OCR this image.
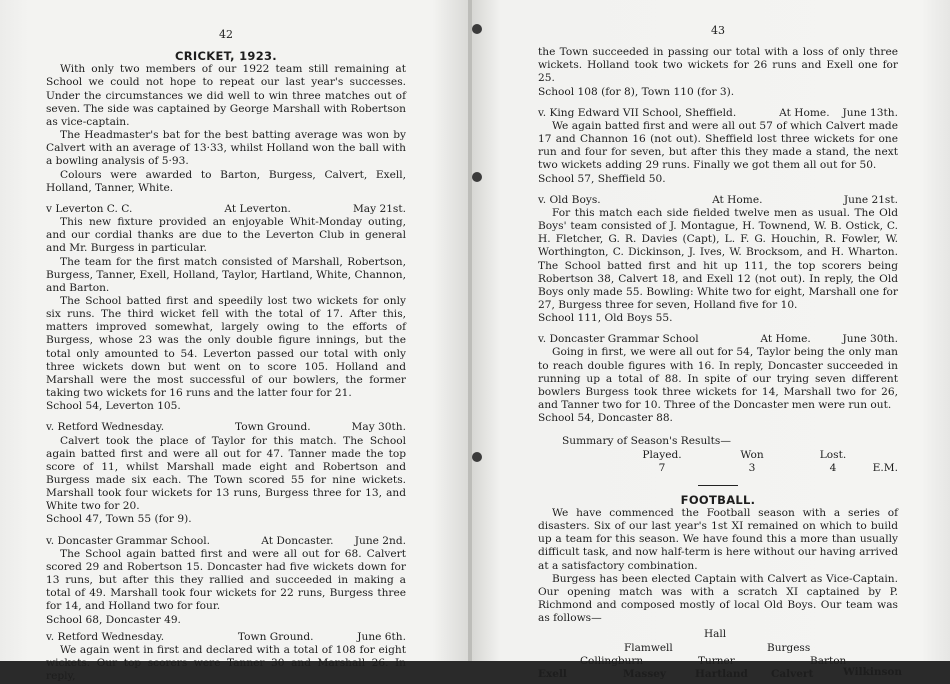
42
CRICKET, 1923.

With only two members of our 1922 team still remaining at School we could not hope to repeat our last year's successes. Under the circumstances we did well to win three matches out of seven. The side was captained by George Marshall with Robertson as vice-captain.

The Headmaster's bat for the best batting average was won by Calvert with an average of 13·33, whilst Holland won the ball with a bowling analysis of 5·93.

Colours were awarded to Barton, Burgess, Calvert, Exell, Holland, Tanner, White.

v Leverton C. C.	At Leverton.	May 21st.

This new fixture provided an enjoyable Whit-Monday outing, and our cordial thanks are due to the Leverton Club in general and Mr. Burgess in particular.

The team for the first match consisted of Marshall, Robertson, Burgess, Tanner, Exell, Holland, Taylor, Hartland, White, Channon, and Barton.

The School batted first and speedily lost two wickets for only six runs. The third wicket fell with the total of 17. After this, matters improved somewhat, largely owing to the efforts of Burgess, whose 23 was the only double figure innings, but the total only amounted to 54. Leverton passed our total with only three wickets down but went on to score 105. Holland and Marshall were the most successful of our bowlers, the former taking two wickets for 16 runs and the latter four for 21.

School 54, Leverton 105.

v. Retford Wednesday.	Town Ground.	May 30th.

Calvert took the place of Taylor for this match. The School again batted first and were all out for 47. Tanner made the top score of 11, whilst Marshall made eight and Robertson and Burgess made six each. The Town scored 55 for nine wickets. Marshall took four wickets for 13 runs, Burgess three for 13, and White two for 20.

School 47, Town 55 (for 9).

v. Doncaster Grammar School.	At Doncaster.	June 2nd.

The School again batted first and were all out for 68. Calvert scored 29 and Robertson 15. Doncaster had five wickets down for 13 runs, but after this they rallied and succeeded in making a total of 49. Marshall took four wickets for 22 runs, Burgess three for 14, and Holland two for four.

School 68, Doncaster 49.

v. Retford Wednesday.	Town Ground.	June 6th.

We again went in first and declared with a total of 108 for eight wickets. Our top scorers were Tanner 30 and Marshall 26. In reply,

43

the Town succeeded in passing our total with a loss of only three wickets. Holland took two wickets for 26 runs and Exell one for 25.

School 108 (for 8), Town 110 (for 3).

v. King Edward VII School, Sheffield.	At Home.	June 13th.

We again batted first and were all out 57 of which Calvert made 17 and Channon 16 (not out). Sheffield lost three wickets for one run and four for seven, but after this they made a stand, the next two wickets adding 29 runs. Finally we got them all out for 50.

School 57, Sheffield 50.

v. Old Boys.	At Home.	June 21st.

For this match each side fielded twelve men as usual. The Old Boys' team consisted of J. Montague, H. Townend, W. B. Ostick, C. H. Fletcher, G. R. Davies (Capt), L. F. G. Houchin, R. Fowler, W. Worthington, C. Dickinson, J. Ives, W. Brocksom, and H. Wharton. The School batted first and hit up 111, the top scorers being Robertson 38, Calvert 18, and Exell 12 (not out). In reply, the Old Boys only made 55. Bowling: White two for eight, Marshall one for 27, Burgess three for seven, Holland five for 10.

School 111, Old Boys 55.

v. Doncaster Grammar School	At Home.	June 30th.

Going in first, we were all out for 54, Taylor being the only man to reach double figures with 16. In reply, Doncaster succeeded in running up a total of 88. In spite of our trying seven different bowlers Burgess took three wickets for 14, Marshall two for 26, and Tanner two for 10. Three of the Doncaster men were run out.

School 54, Doncaster 88.

Summary of Season's Results—
Played.	Won	Lost.
7	3	4	E.M.
FOOTBALL.

We have commenced the Football season with a series of disasters. Six of our last year's 1st XI remained on which to build up a team for this season. We have found this a more than usually difficult task, and now half-term is here without our having arrived at a satisfactory combination.

Burgess has been elected Captain with Calvert as Vice-Captain. Our opening match was with a scratch XI captained by P. Richmond and composed mostly of local Old Boys. Our team was as follows—

Hall
Flamwell	Burgess
Collingburn	Turner	Barton
Exell	Massey	Hartland Calvert	Wilkinson
